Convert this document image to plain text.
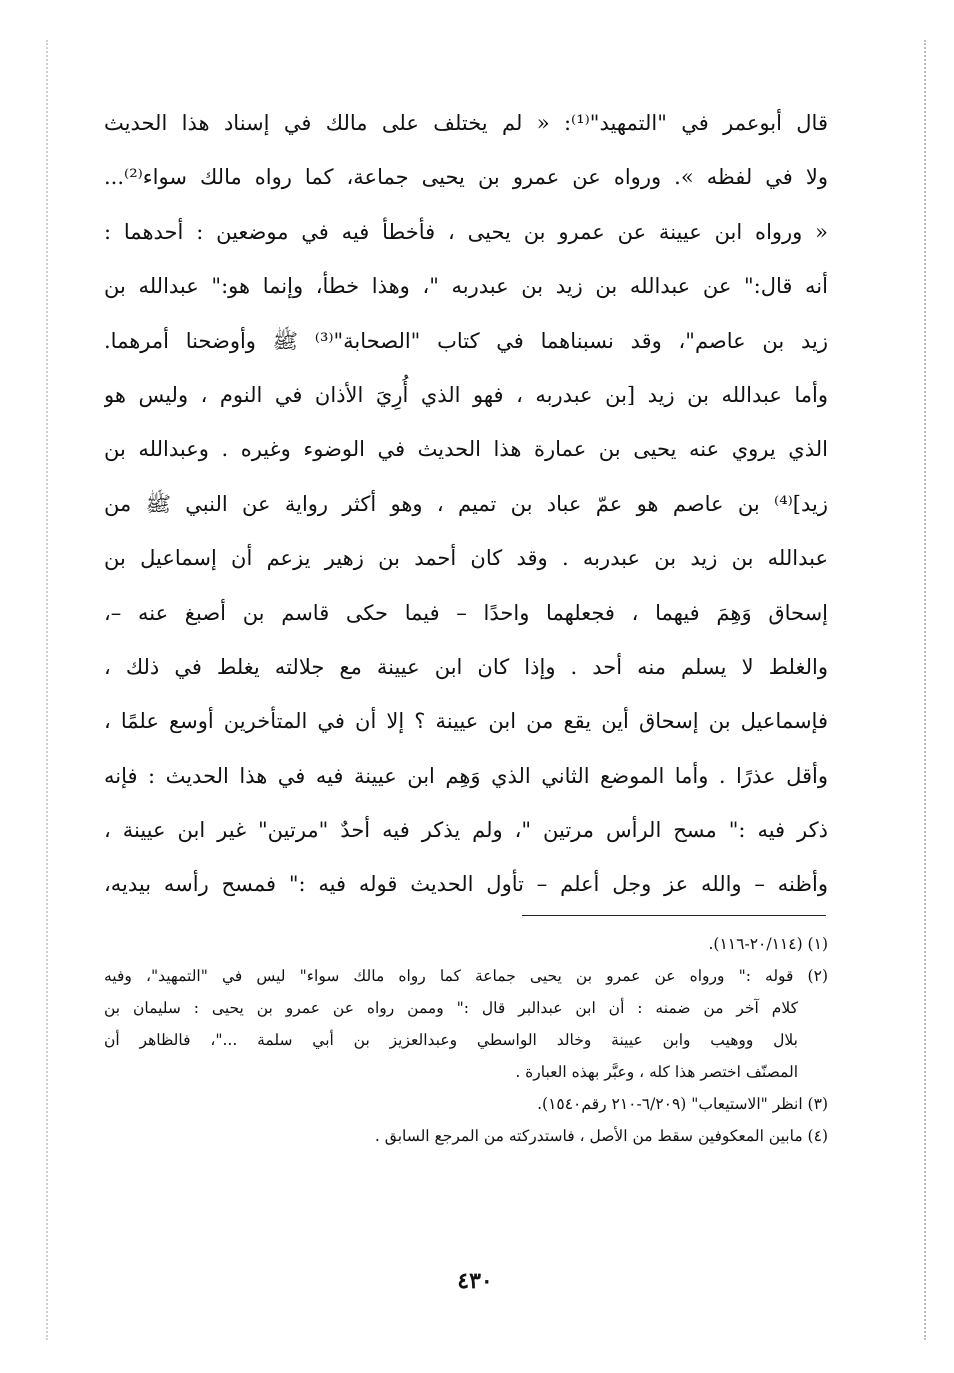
قال أبوعمر في "التمهيد"⁽¹⁾: « لم يختلف على مالك في إسناد هذا الحديث
ولا في لفظه ». ورواه عن عمرو بن يحيى جماعة، كما رواه مالك سواء⁽²⁾...
« ورواه ابن عيينة عن عمرو بن يحيى ، فأخطأ فيه في موضعين : أحدهما :
أنه قال:" عن عبدالله بن زيد بن عبدربه "، وهذا خطأ، وإنما هو:" عبدالله بن
زيد بن عاصم"، وقد نسبناهما في كتاب "الصحابة"⁽³⁾ ﷺ وأوضحنا أمرهما.
وأما عبدالله بن زيد [بن عبدربه ، فهو الذي أُرِيَ الأذان في النوم ، وليس هو
الذي يروي عنه يحيى بن عمارة هذا الحديث في الوضوء وغيره . وعبدالله بن
زيد]⁽⁴⁾ بن عاصم هو عمّ عباد بن تميم ، وهو أكثر رواية عن النبي ﷺ من
عبدالله بن زيد بن عبدربه . وقد كان أحمد بن زهير يزعم أن إسماعيل بن
إسحاق وَهِمَ فيهما ، فجعلهما واحدًا – فيما حكى قاسم بن أصبغ عنه –،
والغلط لا يسلم منه أحد . وإذا كان ابن عيينة مع جلالته يغلط في ذلك ،
فإسماعيل بن إسحاق أين يقع من ابن عيينة ؟ إلا أن في المتأخرين أوسع علمًا ،
وأقل عذرًا . وأما الموضع الثاني الذي وَهِم ابن عيينة فيه في هذا الحديث : فإنه
ذكر فيه :" مسح الرأس مرتين "، ولم يذكر فيه أحدٌ "مرتين" غير ابن عيينة ،
وأظنه – والله عز وجل أعلم – تأول الحديث قوله فيه :" فمسح رأسه بيديه،
(١) (٢٠/١١٤-١١٦).
(٢) قوله :" ورواه عن عمرو بن يحيى جماعة كما رواه مالك سواء" ليس في "التمهيد"، وفيه
كلام آخر من ضمنه : أن ابن عبدالبر قال :" وممن رواه عن عمرو بن يحيى : سليمان بن
بلال ووهيب وابن عيينة وخالد الواسطي وعبدالعزيز بن أبي سلمة ..."، فالظاهر أن
المصنّف اختصر هذا كله ، وعبَّر بهذه العبارة .
(٣) انظر "الاستيعاب" (٦/٢٠٩-٢١٠ رقم١٥٤٠).
(٤) مابين المعكوفين سقط من الأصل ، فاستدركته من المرجع السابق .
٤٣٠
